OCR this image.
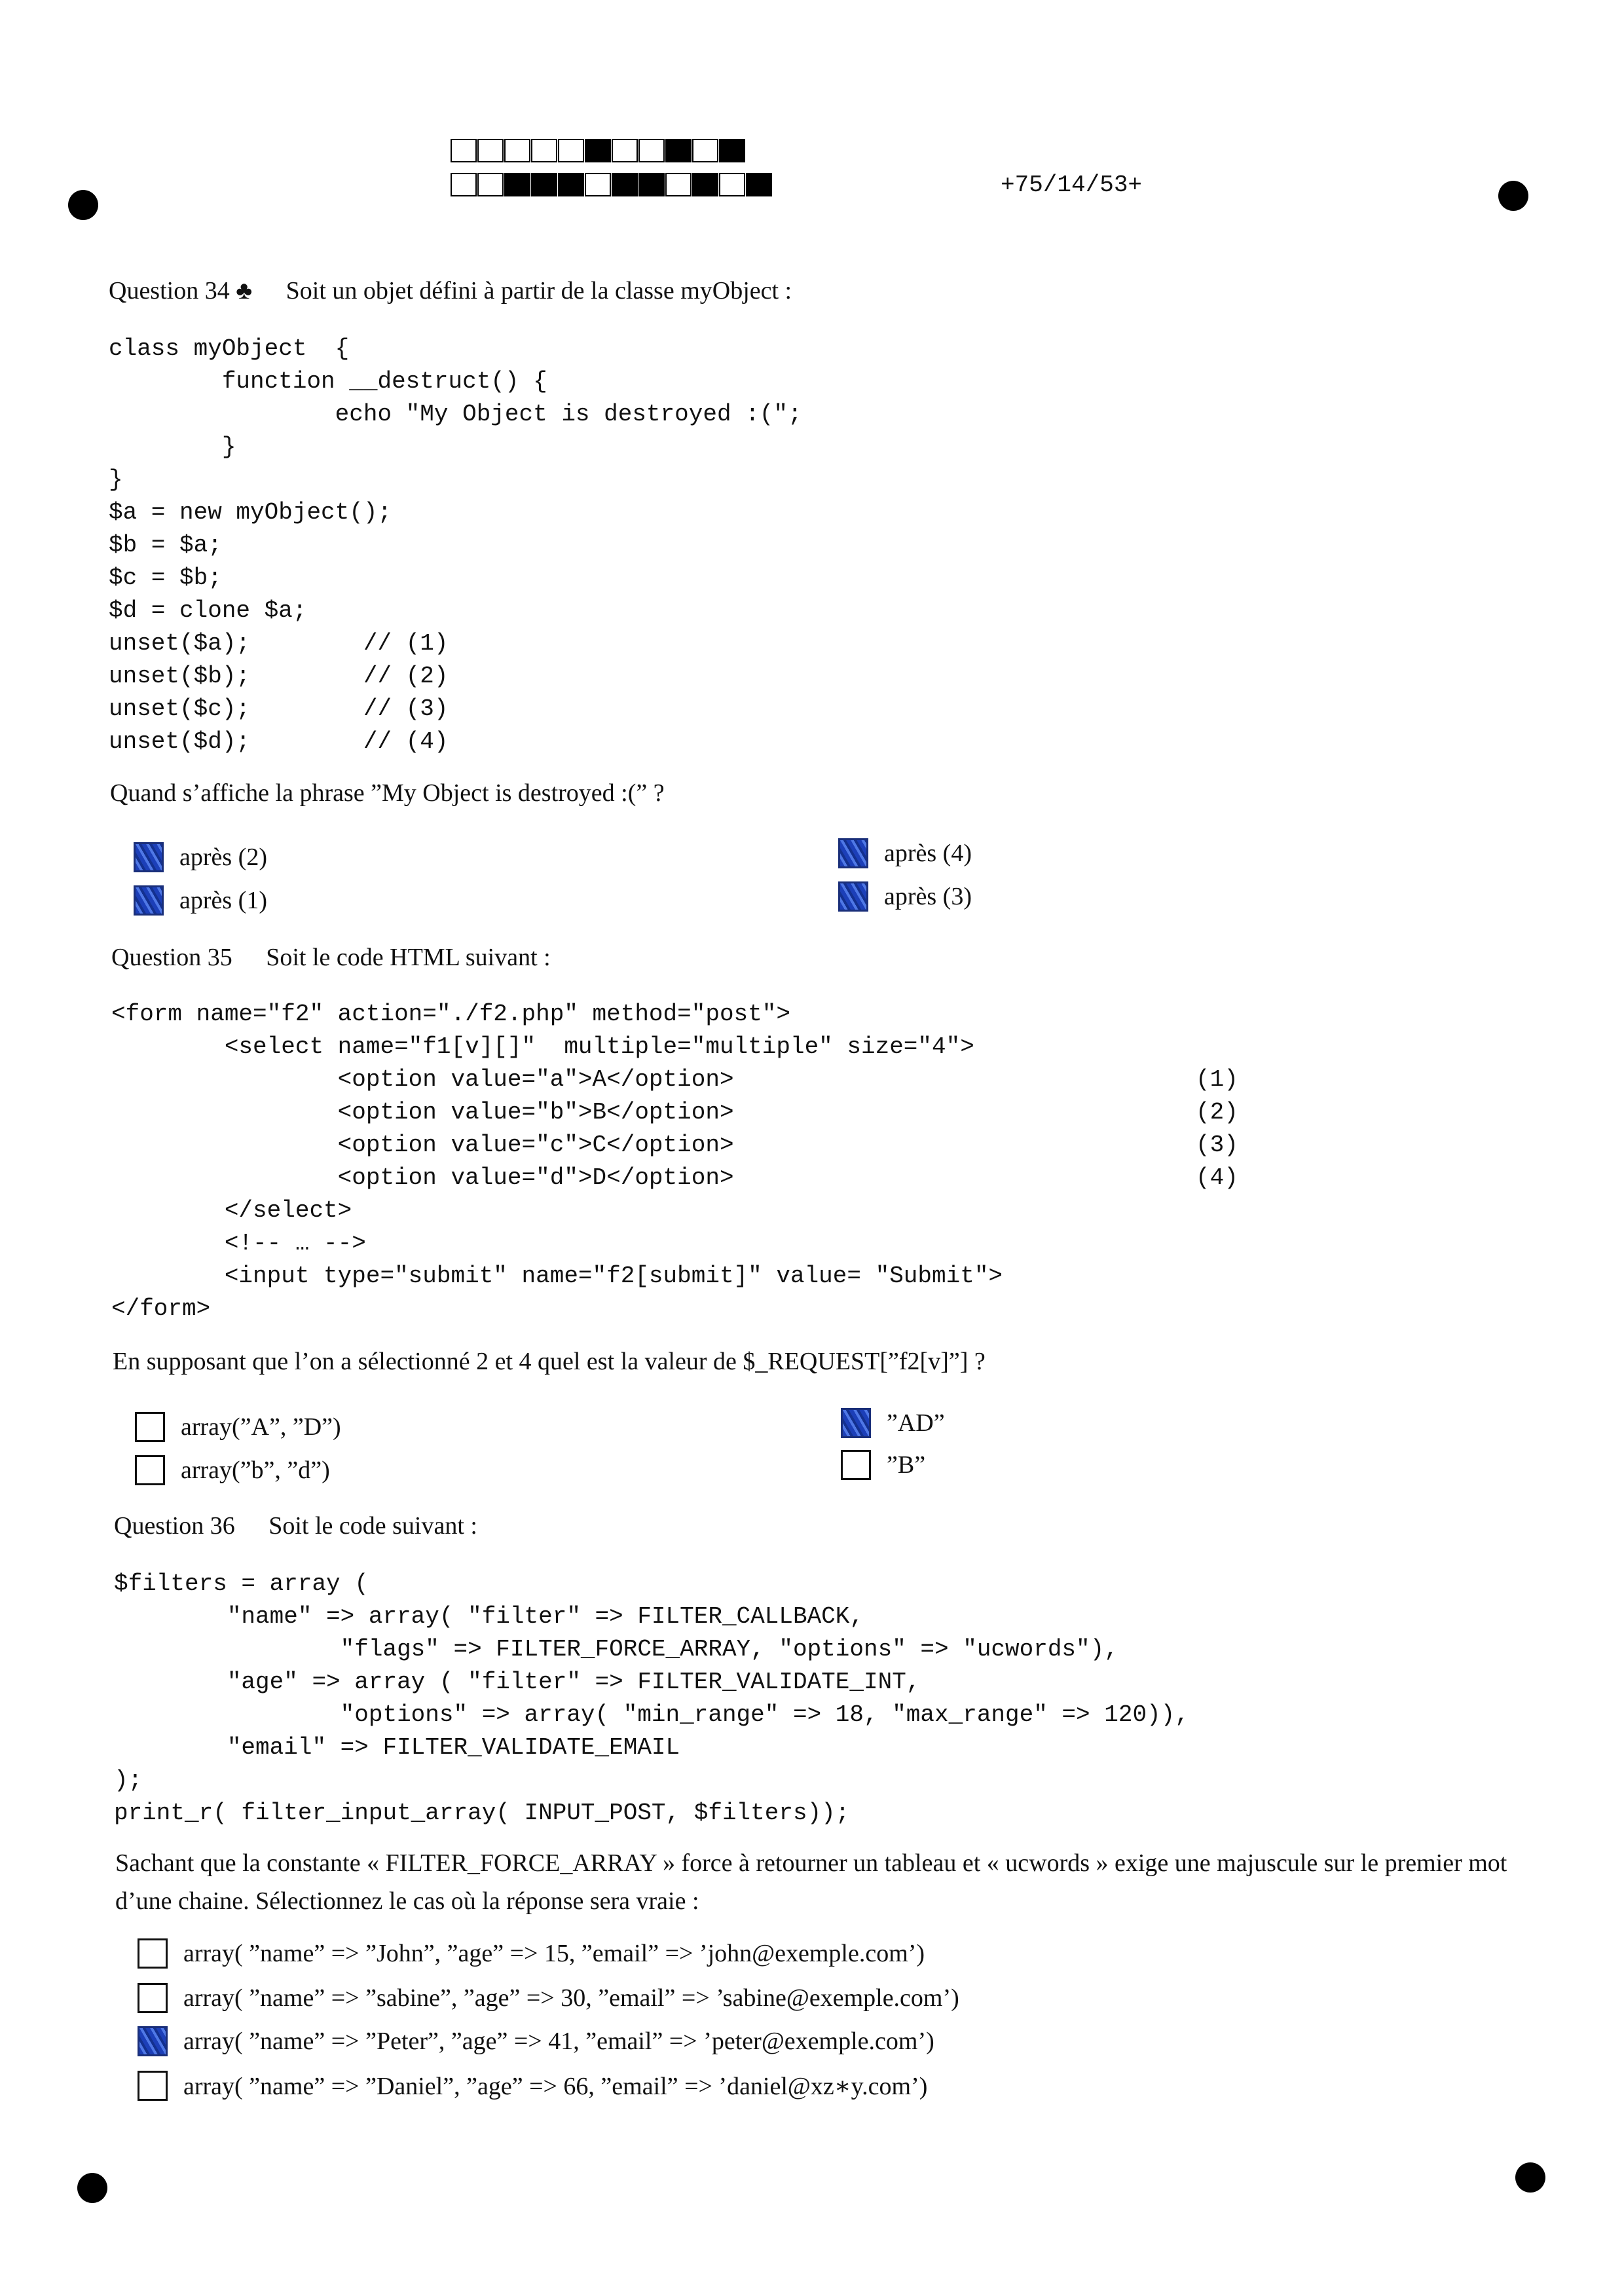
+75/14/53+
Question 34 ♣ Soit un objet défini à partir de la classe myObject :
class myObject  {
function __destruct() {
echo "My Object is destroyed :(";
}
}
$a = new myObject();
$b = $a;
$c = $b;
$d = clone $a;
unset($a);        // (1)
unset($b);        // (2)
unset($c);        // (3)
unset($d);        // (4)
Quand s’affiche la phrase ”My Object is destroyed :(” ?
après (2)
après (1)
après (4)
après (3)
Question 35 Soit le code HTML suivant :
<form name="f2" action="./f2.php" method="post">
<select name="f1[v][]"  multiple="multiple" size="4">
<option value="a">A</option>
<option value="b">B</option>
<option value="c">C</option>
<option value="d">D</option>
</select>
<!-- … -->
<input type="submit" name="f2[submit]" value= "Submit">
</form>
(1)
(2)
(3)
(4)
En supposant que l’on a sélectionné 2 et 4 quel est la valeur de $_REQUEST[”f2[v]”] ?
array(”A”, ”D”)
array(”b”, ”d”)
”AD”
”B”
Question 36 Soit le code suivant :
$filters = array (
"name" => array( "filter" => FILTER_CALLBACK,
"flags" => FILTER_FORCE_ARRAY, "options" => "ucwords"),
"age" => array ( "filter" => FILTER_VALIDATE_INT,
"options" => array( "min_range" => 18, "max_range" => 120)),
"email" => FILTER_VALIDATE_EMAIL
);
print_r( filter_input_array( INPUT_POST, $filters));
Sachant que la constante « FILTER_FORCE_ARRAY » force à retourner un tableau et « ucwords » exige une majuscule sur le premier mot d’une chaine. Sélectionnez le cas où la réponse sera vraie :
array( ”name” => ”John”, ”age” => 15, ”email” => ’john@exemple.com’)
array( ”name” => ”sabine”, ”age” => 30, ”email” => ’sabine@exemple.com’)
array( ”name” => ”Peter”, ”age” => 41, ”email” => ’peter@exemple.com’)
array( ”name” => ”Daniel”, ”age” => 66, ”email” => ’daniel@xz∗y.com’)
